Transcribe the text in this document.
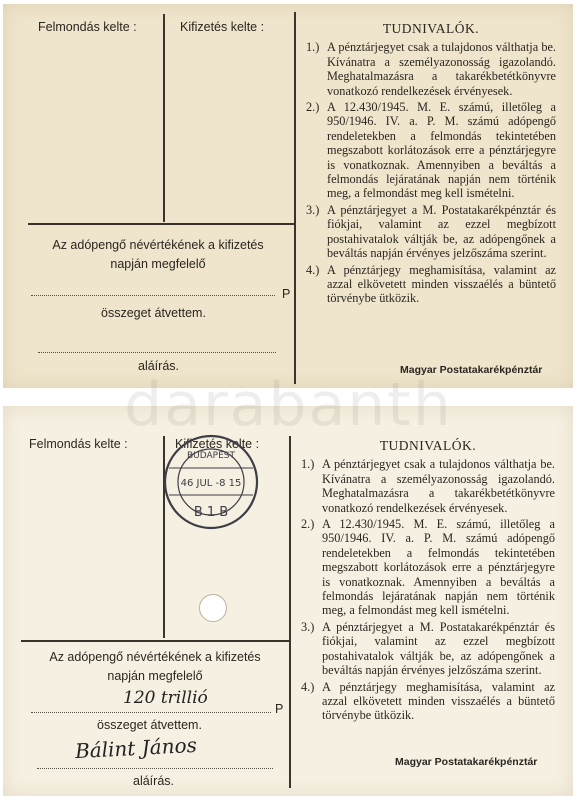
Felmondás kelte :	Kifizetés kelte :
Az adópengő névértékének a kifizetés
napján megfelelő
P
összeget átvettem.
aláírás.
TUDNIVALÓK.
1.) A pénztárjegyet csak a tulajdonos válthatja be. Kívánatra a személyazonosság igazolandó. Meghatalmazásra a takarékbetétkönyvre vonatkozó rendelkezések érvényesek.
2.) A 12.430/1945. M. E. számú, illetőleg a 950/1946. IV. a. P. M. számú adópengő rendeletekben a felmondás tekintetében megszabott korlátozások erre a pénztárjegyre is vonatkoznak. Amennyiben a beváltás a felmondás lejáratának napján nem történik meg, a felmondást meg kell ismételni.
3.) A pénztárjegyet a M. Postatakarékpénztár és fiókjai, valamint az ezzel megbízott postahivatalok váltják be, az adópengőnek a beváltás napján érvényes jelzőszáma szerint.
4.) A pénztárjegy meghamisítása, valamint az azzal elkövetett minden visszaélés a büntető törvénybe ütközik.
Magyar Postatakarékpénztár
Felmondás kelte :	Kifizetés kelte :
BUDAPEST
46 JUL -8 15
B 1 B
Az adópengő névértékének a kifizetés
napján megfelelő
120 trillió
P
összeget átvettem.
Bálint János
aláírás.
TUDNIVALÓK.
1.) A pénztárjegyet csak a tulajdonos válthatja be. Kívánatra a személyazonosság igazolandó. Meghatalmazásra a takarékbetétkönyvre vonatkozó rendelkezések érvényesek.
2.) A 12.430/1945. M. E. számú, illetőleg a 950/1946. IV. a. P. M. számú adópengő rendeletekben a felmondás tekintetében megszabott korlátozások erre a pénztárjegyre is vonatkoznak. Amennyiben a beváltás a felmondás lejáratának napján nem történik meg, a felmondást meg kell ismételni.
3.) A pénztárjegyet a M. Postatakarékpénztár és fiókjai, valamint az ezzel megbízott postahivatalok váltják be, az adópengőnek a beváltás napján érvényes jelzőszáma szerint.
4.) A pénztárjegy meghamisítása, valamint az azzal elkövetett minden visszaélés a büntető törvénybe ütközik.
Magyar Postatakarékpénztár
darabanth
